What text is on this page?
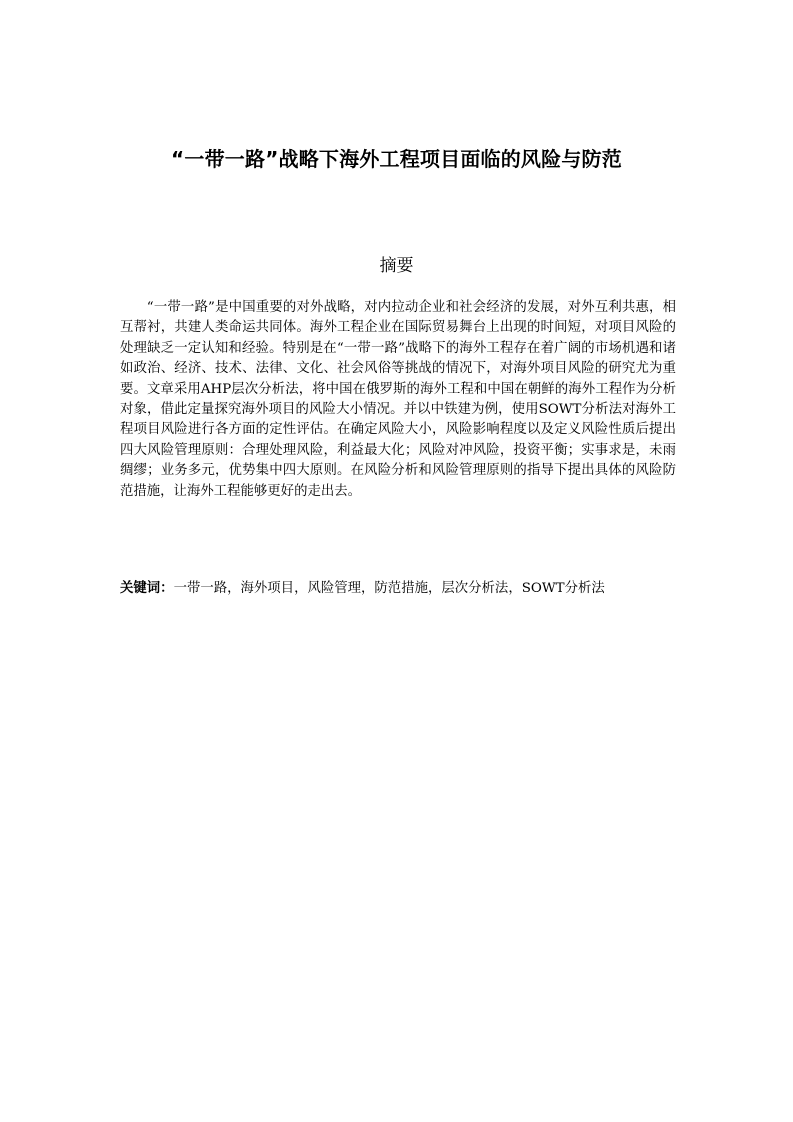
“一带一路”战略下海外工程项目面临的风险与防范
摘要

“一带一路”是中国重要的对外战略，对内拉动企业和社会经济的发展，对外互利共惠，相互帮衬，共建人类命运共同体。海外工程企业在国际贸易舞台上出现的时间短，对项目风险的处理缺乏一定认知和经验。特别是在“一带一路”战略下的海外工程存在着广阔的市场机遇和诸如政治、经济、技术、法律、文化、社会风俗等挑战的情况下，对海外项目风险的研究尤为重要。文章采用AHP层次分析法，将中国在俄罗斯的海外工程和中国在朝鲜的海外工程作为分析对象，借此定量探究海外项目的风险大小情况。并以中铁建为例，使用SOWT分析法对海外工程项目风险进行各方面的定性评估。在确定风险大小，风险影响程度以及定义风险性质后提出四大风险管理原则：合理处理风险，利益最大化；风险对冲风险，投资平衡；实事求是，未雨绸缪；业务多元，优势集中四大原则。在风险分析和风险管理原则的指导下提出具体的风险防范措施，让海外工程能够更好的走出去。

关键词：一带一路，海外项目，风险管理，防范措施，层次分析法，SOWT分析法
